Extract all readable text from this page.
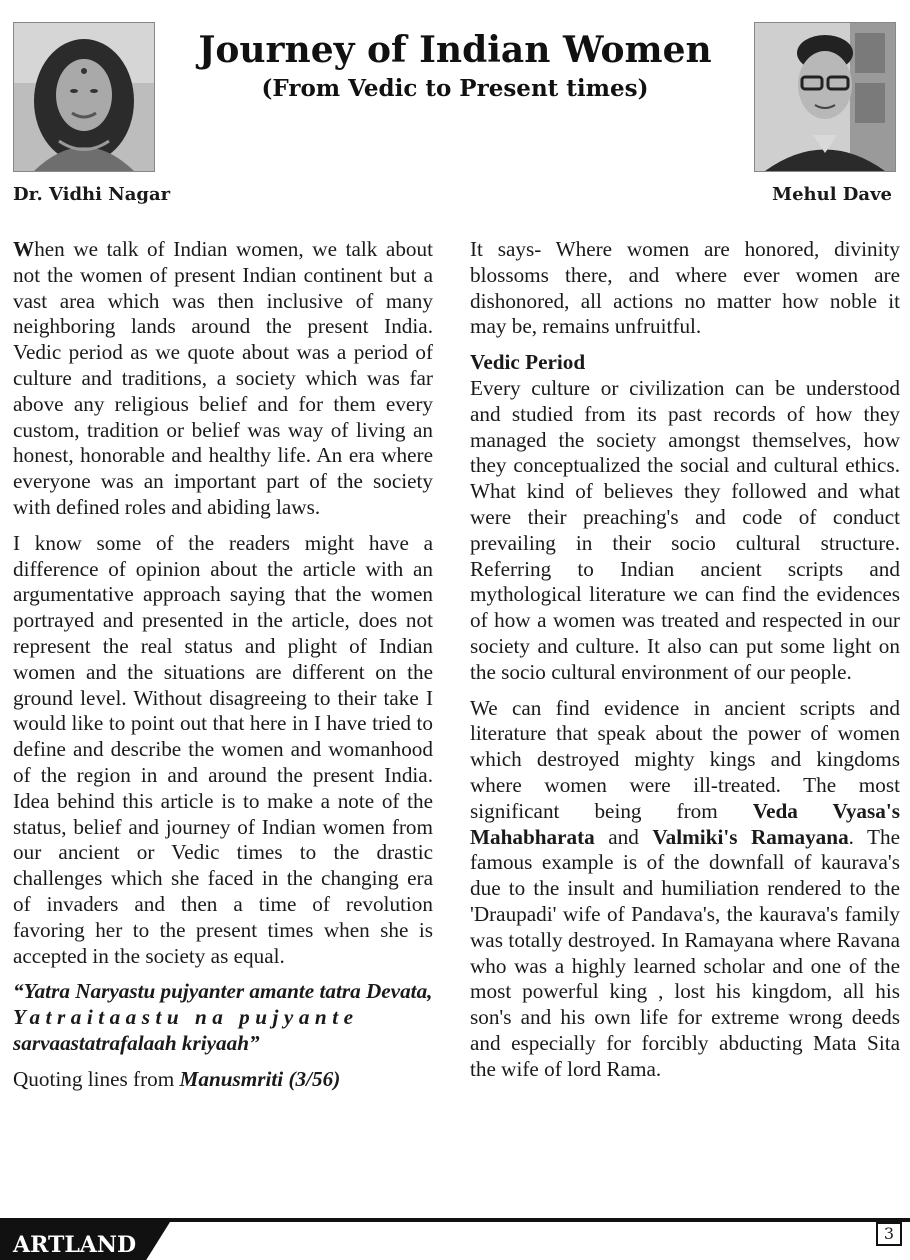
Journey of Indian Women
(From Vedic to Present times)
Dr. Vidhi Nagar	Mehul Dave

When we talk of Indian women, we talk about not the women of present Indian continent but a vast area which was then inclusive of many neighboring lands around the present India. Vedic period as we quote about was a period of culture and traditions, a society which was far above any religious belief and for them every custom, tradition or belief was way of living an honest, honorable and healthy life. An era where everyone was an important part of the society with defined roles and abiding laws.

I know some of the readers might have a difference of opinion about the article with an argumentative approach saying that the women portrayed and presented in the article, does not represent the real status and plight of Indian women and the situations are different on the ground level. Without disagreeing to their take I would like to point out that here in I have tried to define and describe the women and womanhood of the region in and around the present India. Idea behind this article is to make a note of the status, belief and journey of Indian women from our ancient or Vedic times to the drastic challenges which she faced in the changing era of invaders and then a time of revolution favoring her to the present times when she is accepted in the society as equal.

“Yatra Naryastu pujyanter amante tatra Devata,

Yatraitaastu na pujyante
sarvaastatrafalaah kriyaah”

Quoting lines from Manusmriti (3/56)

It says- Where women are honored, divinity blossoms there, and where ever women are dishonored, all actions no matter how noble it may be, remains unfruitful.

Vedic Period

Every culture or civilization can be understood and studied from its past records of how they managed the society amongst themselves, how they conceptualized the social and cultural ethics. What kind of believes they followed and what were their preaching's and code of conduct prevailing in their socio cultural structure. Referring to Indian ancient scripts and mythological literature we can find the evidences of how a women was treated and respected in our society and culture. It also can put some light on the socio cultural environment of our people.

We can find evidence in ancient scripts and literature that speak about the power of women which destroyed mighty kings and kingdoms where women were ill-treated. The most significant being from Veda Vyasa's Mahabharata and Valmiki's Ramayana. The famous example is of the downfall of kaurava's due to the insult and humiliation rendered to the 'Draupadi' wife of Pandava's, the kaurava's family was totally destroyed. In Ramayana where Ravana who was a highly learned scholar and one of the most powerful king , lost his kingdom, all his son's and his own life for extreme wrong deeds and especially for forcibly abducting Mata Sita the wife of lord Rama.

ARTLAND	3
